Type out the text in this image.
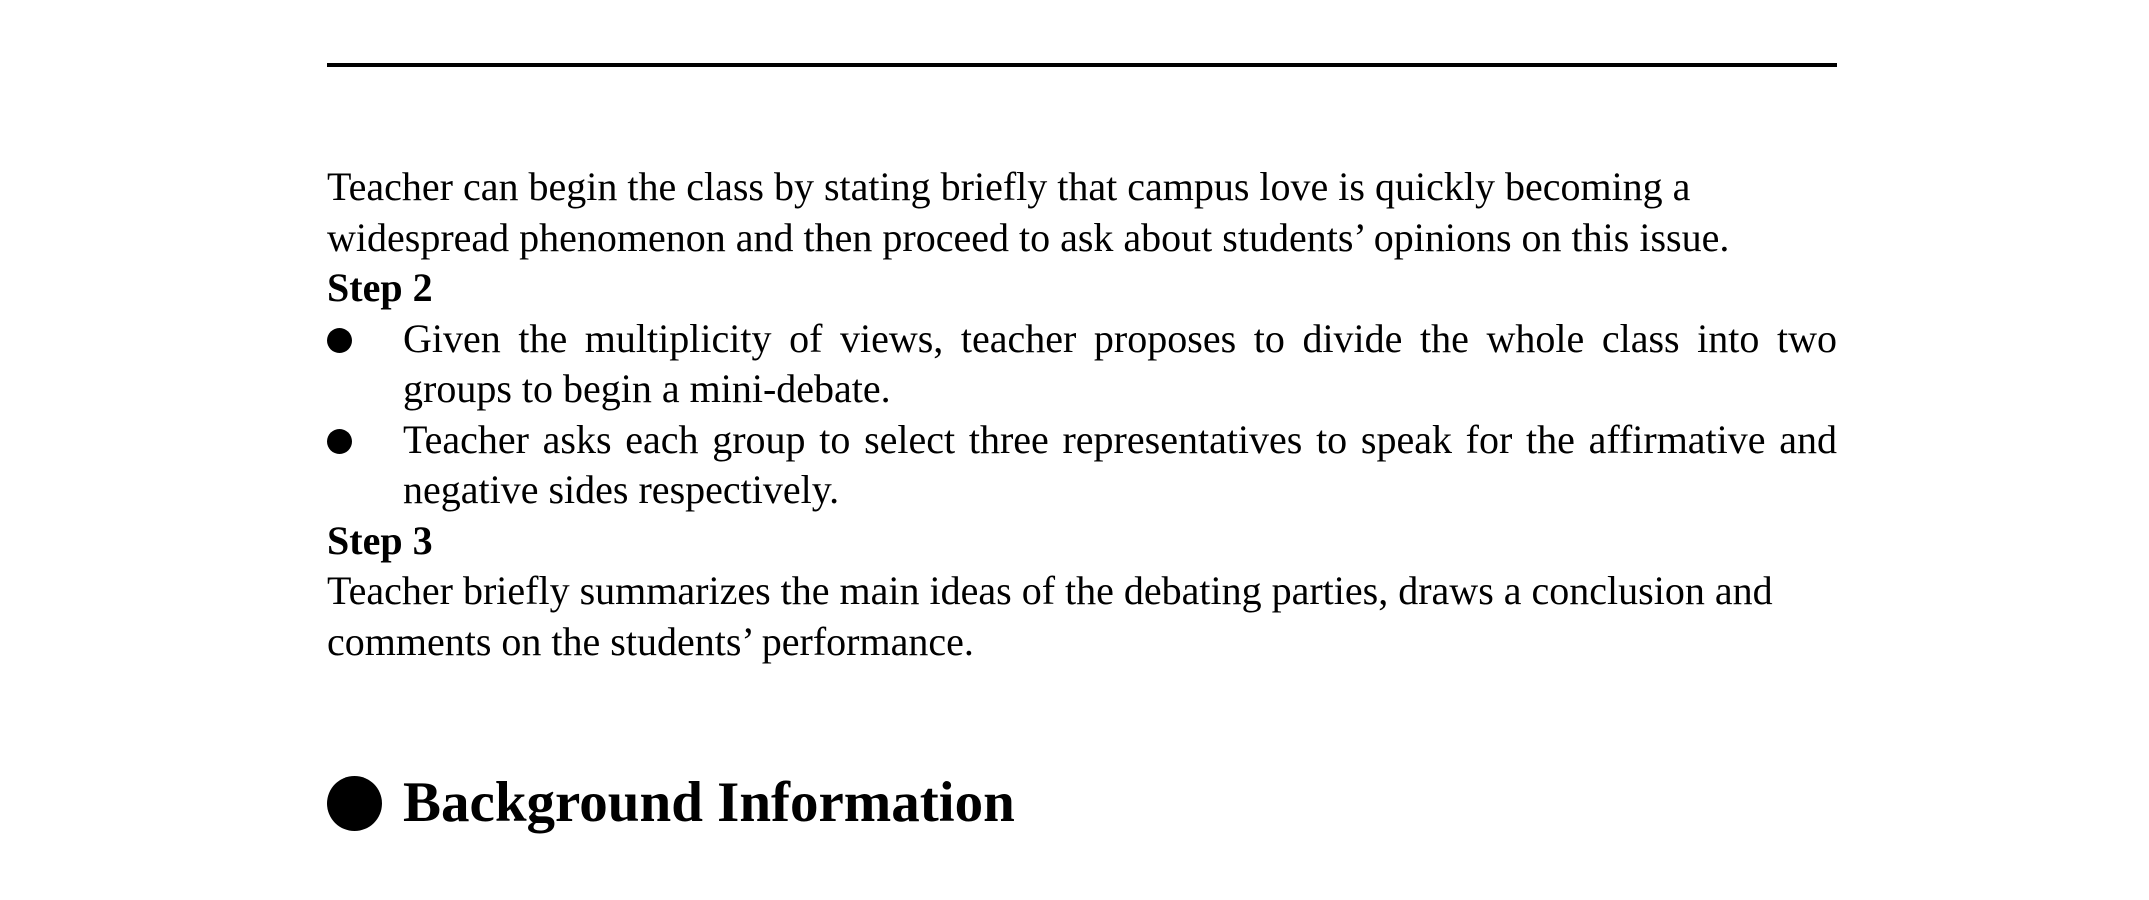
Teacher can begin the class by stating briefly that campus love is quickly becoming a widespread phenomenon and then proceed to ask about students’ opinions on this issue.

Step 2

Given the multiplicity of views, teacher proposes to divide the whole class into two groups to begin a mini-debate.
Teacher asks each group to select three representatives to speak for the affirmative and negative sides respectively.

Step 3

Teacher briefly summarizes the main ideas of the debating parties, draws a conclusion and comments on the students’ performance.

Background Information
